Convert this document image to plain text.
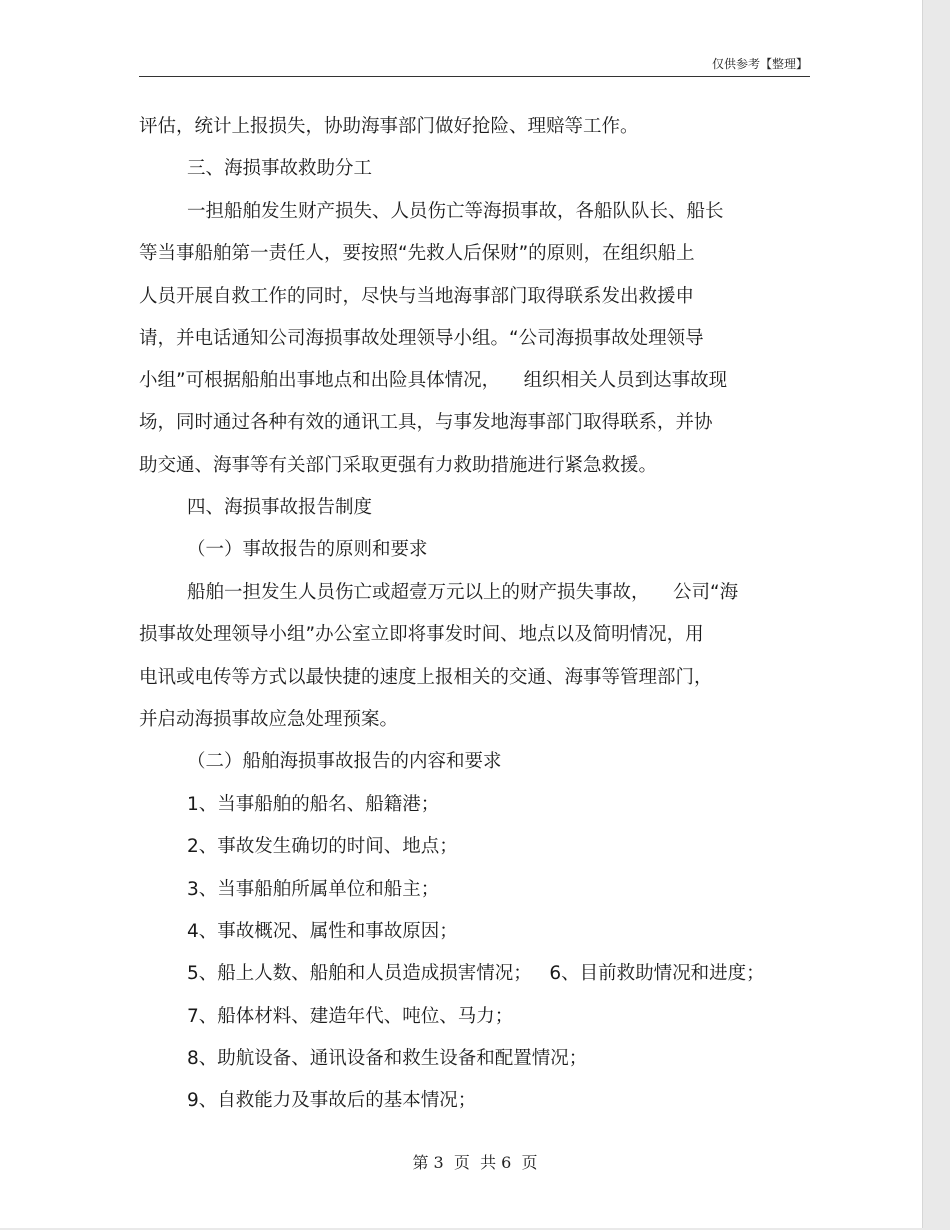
仅供参考【整理】
评估，统计上报损失，协助海事部门做好抢险、理赔等工作。
三、海损事故救助分工
一担船舶发生财产损失、人员伤亡等海损事故，各船队队长、船长
等当事船舶第一责任人，要按照“先救人后保财”的原则，在组织船上
人员开展自救工作的同时，尽快与当地海事部门取得联系发出救援申
请，并电话通知公司海损事故处理领导小组。“公司海损事故处理领导
小组”可根据船舶出事地点和出险具体情况，    组织相关人员到达事故现
场，同时通过各种有效的通讯工具，与事发地海事部门取得联系，并协
助交通、海事等有关部门采取更强有力救助措施进行紧急救援。
四、海损事故报告制度
（一）事故报告的原则和要求
船舶一担发生人员伤亡或超壹万元以上的财产损失事故，    公司“海
损事故处理领导小组”办公室立即将事发时间、地点以及简明情况，用
电讯或电传等方式以最快捷的速度上报相关的交通、海事等管理部门，
并启动海损事故应急处理预案。
（二）船舶海损事故报告的内容和要求
1、当事船舶的船名、船籍港；
2、事故发生确切的时间、地点；
3、当事船舶所属单位和船主；
4、事故概况、属性和事故原因；
5、船上人数、船舶和人员造成损害情况；   6、目前救助情况和进度；
7、船体材料、建造年代、吨位、马力；
8、助航设备、通讯设备和救生设备和配置情况；
9、自救能力及事故后的基本情况；
第 3  页  共 6  页
